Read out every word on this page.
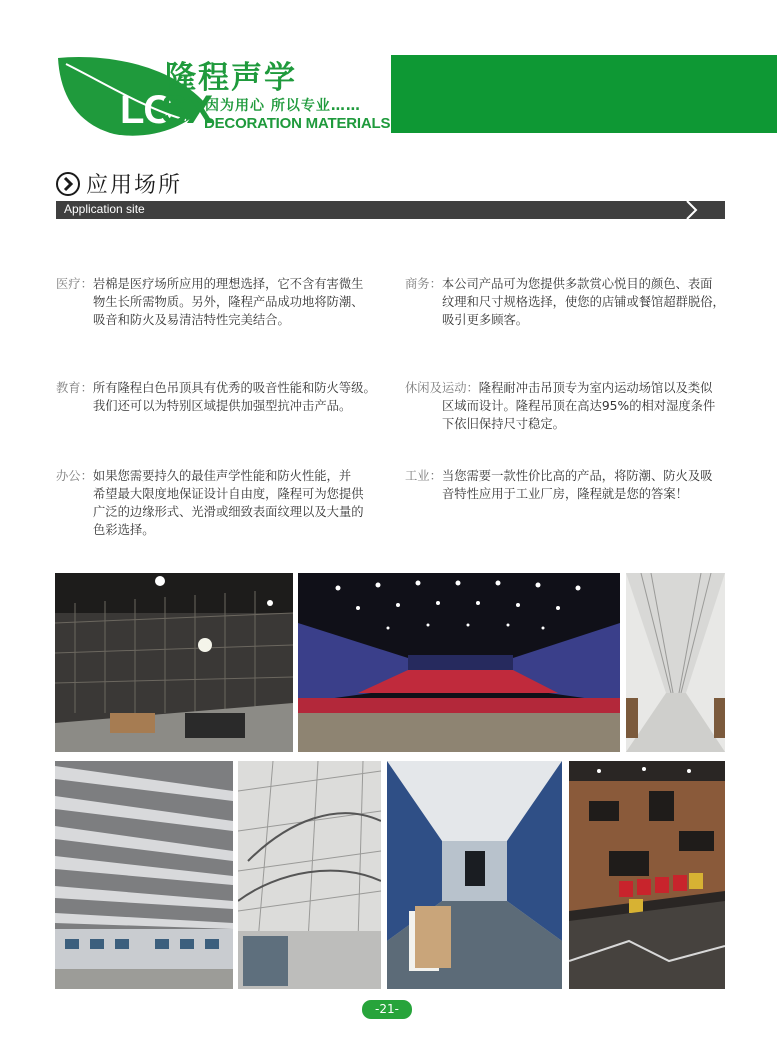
隆程声学
LC
SX
因为用心 所以专业……
DECORATION MATERIALS
应用场所
Application site

医疗：岩棉是医疗场所应用的理想选择，它不含有害微生

物生长所需物质。另外，隆程产品成功地将防潮、

吸音和防火及易清洁特性完美结合。

商务：本公司产品可为您提供多款赏心悦目的颜色、表面

纹理和尺寸规格选择，使您的店铺或餐馆超群脱俗，

吸引更多顾客。

教育：所有隆程白色吊顶具有优秀的吸音性能和防火等级。

我们还可以为特别区域提供加强型抗冲击产品。

休闲及运动：隆程耐冲击吊顶专为室内运动场馆以及类似

区域而设计。隆程吊顶在高达95%的相对湿度条件

下依旧保持尺寸稳定。

办公：如果您需要持久的最佳声学性能和防火性能，并

希望最大限度地保证设计自由度，隆程可为您提供

广泛的边缘形式、光滑或细致表面纹理以及大量的

色彩选择。

工业：当您需要一款性价比高的产品，将防潮、防火及吸

音特性应用于工业厂房，隆程就是您的答案！

-21-
